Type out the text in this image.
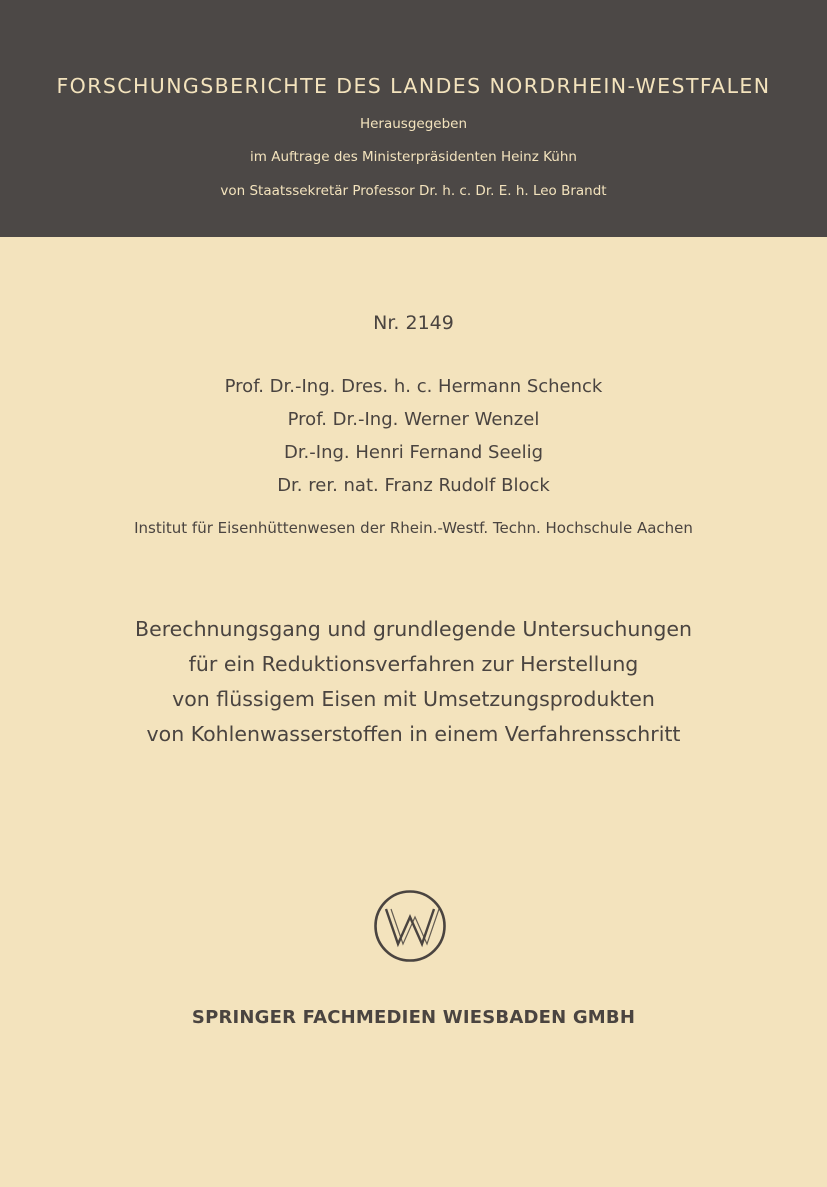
FORSCHUNGSBERICHTE DES LANDES NORDRHEIN-WESTFALEN
Herausgegeben
im Auftrage des Ministerpräsidenten Heinz Kühn
von Staatssekretär Professor Dr. h. c. Dr. E. h. Leo Brandt
Nr. 2149
Prof. Dr.-Ing. Dres. h. c. Hermann Schenck
Prof. Dr.-Ing. Werner Wenzel
Dr.-Ing. Henri Fernand Seelig
Dr. rer. nat. Franz Rudolf Block
Institut für Eisenhüttenwesen der Rhein.-Westf. Techn. Hochschule Aachen
Berechnungsgang und grundlegende Untersuchungen
für ein Reduktionsverfahren zur Herstellung
von flüssigem Eisen mit Umsetzungsprodukten
von Kohlenwasserstoffen in einem Verfahrensschritt
SPRINGER FACHMEDIEN WIESBADEN GMBH
